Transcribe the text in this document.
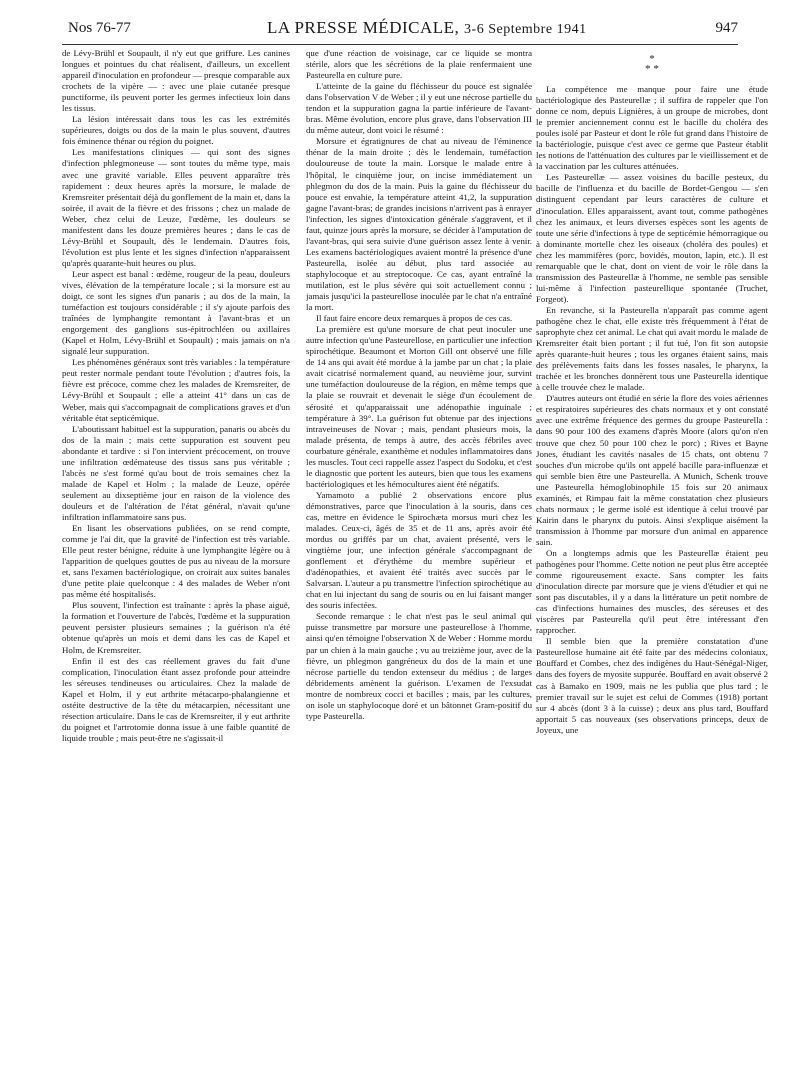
Nos 76-77	LA PRESSE MÉDICALE, 3-6 Septembre 1941	947

de Lévy-Brühl et Soupault, il n'y eut que griffure. Les canines longues et pointues du chat réalisent, d'ailleurs, un excellent appareil d'inoculation en profondeur — presque comparable aux crochets de la vipère — : avec une plaie cutanée presque punctiforme, ils peuvent porter les germes infectieux loin dans les tissus.

La lésion intéressait dans tous les cas les extrémités supérieures, doigts ou dos de la main le plus souvent, d'autres fois éminence thénar ou région du poignet.

Les manifestations cliniques — qui sont des signes d'infection phlegmoneuse — sont toutes du même type, mais avec une gravité variable. Elles peuvent apparaître très rapidement : deux heures après la morsure, le malade de Kremsreiter présentait déjà du gonflement de la main et, dans la soirée, il avait de la fièvre et des frissons ; chez un malade de Weber, chez celui de Leuze, l'œdème, les douleurs se manifestent dans les douze premières heures ; dans le cas de Lévy-Brühl et Soupault, dès le lendemain. D'autres fois, l'évolution est plus lente et les signes d'infection n'apparaissent qu'après quarante-huit heures ou plus.

Leur aspect est banal : œdème, rougeur de la peau, douleurs vives, élévation de la température locale ; si la morsure est au doigt, ce sont les signes d'un panaris ; au dos de la main, la tuméfaction est toujours considérable ; il s'y ajoute parfois des traînées de lymphangite remontant à l'avant-bras et un engorgement des ganglions sus-épitrochléen ou axillaires (Kapel et Holm, Lévy-Brühl et Soupault) ; mais jamais on n'a signalé leur suppuration.

Les phénomènes généraux sont très variables : la température peut rester normale pendant toute l'évolution ; d'autres fois, la fièvre est précoce, comme chez les malades de Kremsreiter, de Lévy-Brühl et Soupault ; elle a atteint 41° dans un cas de Weber, mais qui s'accompagnait de complications graves et d'un véritable état septicémique.

L'aboutissant habituel est la suppuration, panaris ou abcès du dos de la main ; mais cette suppuration est souvent peu abondante et tardive : si l'on intervient précocement, on trouve une infiltration œdémateuse des tissus sans pus véritable ; l'abcès ne s'est formé qu'au bout de trois semaines chez la malade de Kapel et Holm ; la malade de Leuze, opérée seulement au dixseptième jour en raison de la violence des douleurs et de l'altération de l'état général, n'avait qu'une infiltration inflammatoire sans pus.

En lisant les observations publiées, on se rend compte, comme je l'ai dit, que la gravité de l'infection est très variable. Elle peut rester bénigne, réduite à une lymphangite légère ou à l'apparition de quelques gouttes de pus au niveau de la morsure et, sans l'examen bactériologique, on croirait aux suites banales d'une petite plaie quelconque : 4 des malades de Weber n'ont pas même été hospitalisés.

Plus souvent, l'infection est traînante : après la phase aiguë, la formation et l'ouverture de l'abcès, l'œdème et la suppuration peuvent persister plusieurs semaines ; la guérison n'a été obtenue qu'après un mois et demi dans les cas de Kapel et Holm, de Kremsreiter.

Enfin il est des cas réellement graves du fait d'une complication, l'inoculation étant assez profonde pour atteindre les séreuses tendineuses ou articulaires. Chez la malade de Kapel et Holm, il y eut arthrite métacarpo-phalangienne et ostéite destructive de la tête du métacarpien, nécessitant une résection articulaire. Dans le cas de Kremsreiter, il y eut arthrite du poignet et l'artrotomie donna issue à une faible quantité de liquide trouble ; mais peut-être ne s'agissait-il

que d'une réaction de voisinage, car ce liquide se montra stérile, alors que les sécrétions de la plaie renfermaient une Pasteurella en culture pure.

L'atteinte de la gaine du fléchisseur du pouce est signalée dans l'observation V de Weber ; il y eut une nécrose partielle du tendon et la suppuration gagna la partie inférieure de l'avant-bras. Même évolution, encore plus grave, dans l'observation III du même auteur, dont voici le résumé :

Morsure et égratignures de chat au niveau de l'éminence thénar de la main droite ; dès le lendemain, tuméfaction douloureuse de toute la main. Lorsque le malade entre à l'hôpital, le cinquième jour, on incise immédiatement un phlegmon du dos de la main. Puis la gaine du fléchisseur du pouce est envahie, la température atteint 41,2, la suppuration gagne l'avant-bras; de grandes incisions n'arrivent pas à enrayer l'infection, les signes d'intoxication générale s'aggravent, et il faut, quinze jours après la morsure, se décider à l'amputation de l'avant-bras, qui sera suivie d'une guérison assez lente à venir. Les examens bactériologiques avaient montré la présence d'une Pasteurella, isolée au début, plus tard associée au staphylocoque et au streptocoque. Ce cas, ayant entraîné la mutilation, est le plus sévère qui soit actuellement connu ; jamais jusqu'ici la pasteurellose inoculée par le chat n'a entraîné la mort.

Il faut faire encore deux remarques à propos de ces cas.

La première est qu'une morsure de chat peut inoculer une autre infection qu'une Pasteurellose, en particulier une infection spirochétique. Beaumont et Morton Gill ont observé une fille de 14 ans qui avait été mordue à la jambe par un chat ; la plaie avait cicatrisé normalement quand, au neuvième jour, survint une tuméfaction douloureuse de la région, en même temps que la plaie se rouvrait et devenait le siège d'un écoulement de sérosité et qu'apparaissait une adénopathie inguinale ; température à 39°. La guérison fut obtenue par des injections intraveineuses de Novar ; mais, pendant plusieurs mois, la malade présenta, de temps à autre, des accès fébriles avec courbature générale, exanthème et nodules inflammatoires dans les muscles. Tout ceci rappelle assez l'aspect du Sodoku, et c'est le diagnostic que portent les auteurs, bien que tous les examens bactériologiques et les hémocultures aient été négatifs.

Yamamoto a publié 2 observations encore plus démonstratives, parce que l'inoculation à la souris, dans ces cas, mettre en évidence le Spirochæta morsus muri chez les malades. Ceux-ci, âgés de 35 et de 11 ans, après avoir été mordus ou griffés par un chat, avaient présenté, vers le vingtième jour, une infection générale s'accompagnant de gonflement et d'érythème du membre supérieur et d'adénopathies, et avaient été traités avec succès par le Salvarsan. L'auteur a pu transmettre l'infection spirochétique au chat en lui injectant du sang de souris ou en lui faisant manger des souris infectées.

Seconde remarque : le chat n'est pas le seul animal qui puisse transmettre par morsure une pasteurellose à l'homme, ainsi qu'en témoigne l'observation X de Weber : Homme mordu par un chien à la main gauche ; vu au treizième jour, avec de la fièvre, un phlegmon gangréneux du dos de la main et une nécrose partielle du tendon extenseur du médius ; de larges débridements amènent la guérison. L'examen de l'exsudat montre de nombreux cocci et bacilles ; mais, par les cultures, on isole un staphylocoque doré et un bâtonnet Gram-positif du type Pasteurella.

*
* *

La compétence me manque pour faire une étude bactériologique des Pasteurellæ ; il suffira de rappeler que l'on donne ce nom, depuis Lignières, à un groupe de microbes, dont le premier anciennement connu est le bacille du choléra des poules isolé par Pasteur et dont le rôle fut grand dans l'histoire de la bactériologie, puisque c'est avec ce germe que Pasteur établit les notions de l'atténuation des cultures par le vieillissement et de la vaccination par les cultures atténuées.

Les Pasteurellæ — assez voisines du bacille pesteux, du bacille de l'influenza et du bacille de Bordet-Gengou — s'en distinguent cependant par leurs caractères de culture et d'inoculation. Elles apparaissent, avant tout, comme pathogènes chez les animaux, et leurs diverses espèces sont les agents de toute une série d'infections à type de septicémie hémorragique ou à dominante mortelle chez les oiseaux (choléra des poules) et chez les mammifères (porc, bovidés, mouton, lapin, etc.). Il est remarquable que le chat, dont on vient de voir le rôle dans la transmission des Pasteurellæ à l'homme, ne semble pas sensible lui-même à l'infection pasteurellique spontanée (Truchet, Forgeot).

En revanche, si la Pasteurella n'apparaît pas comme agent pathogène chez le chat, elle existe très fréquemment à l'état de saprophyte chez cet animal. Le chat qui avait mordu le malade de Kremsreiter était bien portant ; il fut tué, l'on fit son autopsie après quarante-huit heures ; tous les organes étaient sains, mais des prélèvements faits dans les fosses nasales, le pharynx, la trachée et les bronches donnèrent tous une Pasteurella identique à celle trouvée chez le malade.

D'autres auteurs ont étudié en série la flore des voies aériennes et respiratoires supérieures des chats normaux et y ont constaté avec une extrême fréquence des germes du groupe Pasteurella : dans 90 pour 100 des examens d'après Moore (alors qu'on n'en trouve que chez 50 pour 100 chez le porc) ; Rives et Bayne Jones, étudiant les cavités nasales de 15 chats, ont obtenu 7 souches d'un microbe qu'ils ont appelé bacille para-influenzæ et qui semble bien être une Pasteurella. A Munich, Schenk trouve une Pasteurella hémoglobinophile 15 fois sur 20 animaux examinés, et Rimpau fait la même constatation chez plusieurs chats normaux ; le germe isolé est identique à celui trouvé par Kairin dans le pharynx du putois. Ainsi s'explique aisément la transmission à l'homme par morsure d'un animal en apparence sain.

On a longtemps admis que les Pasteurellæ étaient peu pathogènes pour l'homme. Cette notion ne peut plus être acceptée comme rigoureusement exacte. Sans compter les faits d'inoculation directe par morsure que je viens d'étudier et qui ne sont pas discutables, il y a dans la littérature un petit nombre de cas d'infections humaines des muscles, des séreuses et des viscères par Pasteurella qu'il peut être intéressant d'en rapprocher.

Il semble bien que la première constatation d'une Pasteurellose humaine ait été faite par des médecins coloniaux, Bouffard et Combes, chez des indigènes du Haut-Sénégal-Niger, dans des foyers de myosite suppurée. Bouffard en avait observé 2 cas à Bamako en 1909, mais ne les publia que plus tard ; le premier travail sur le sujet est celui de Commes (1918) portant sur 4 abcès (dont 3 à la cuisse) ; deux ans plus tard, Bouffard apportait 5 cas nouveaux (ses observations princeps, deux de Joyeux, une
